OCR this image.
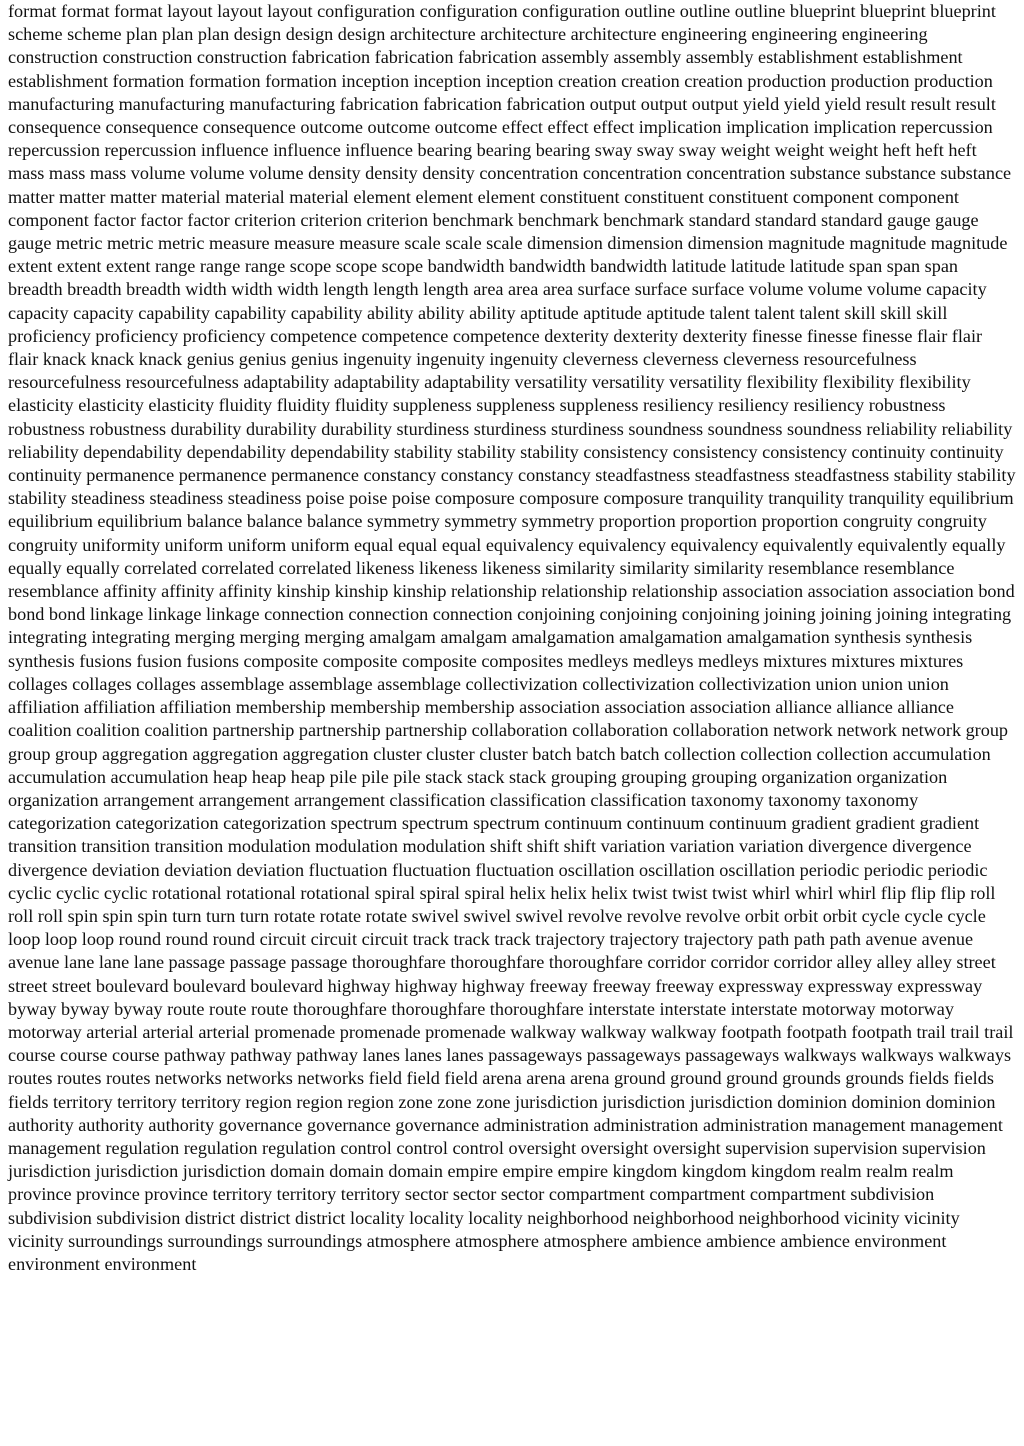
format format format layout layout layout configuration configuration configuration outline outline outline blueprint blueprint blueprint scheme scheme plan plan plan design design design architecture architecture architecture engineering engineering engineering construction construction construction fabrication fabrication fabrication assembly assembly assembly establishment establishment establishment formation formation formation inception inception inception creation creation creation production production production manufacturing manufacturing manufacturing fabrication fabrication fabrication output output output yield yield yield result result result consequence consequence consequence outcome outcome outcome effect effect effect implication implication implication repercussion repercussion repercussion influence influence influence bearing bearing bearing sway sway sway weight weight weight heft heft heft mass mass mass volume volume volume density density density concentration concentration concentration substance substance substance matter matter matter material material material element element element constituent constituent constituent component component component factor factor factor criterion criterion criterion benchmark benchmark benchmark standard standard standard gauge gauge gauge metric metric metric measure measure measure scale scale scale dimension dimension dimension magnitude magnitude magnitude extent extent extent range range range scope scope scope bandwidth bandwidth bandwidth latitude latitude latitude span span span breadth breadth breadth width width width length length length area area area surface surface surface volume volume volume capacity capacity capacity capability capability capability ability ability ability aptitude aptitude aptitude talent talent talent skill skill skill proficiency proficiency proficiency competence competence competence dexterity dexterity dexterity finesse finesse finesse flair flair flair knack knack knack genius genius genius ingenuity ingenuity ingenuity cleverness cleverness cleverness resourcefulness resourcefulness resourcefulness adaptability adaptability adaptability versatility versatility versatility flexibility flexibility flexibility elasticity elasticity elasticity fluidity fluidity fluidity suppleness suppleness suppleness resiliency resiliency resiliency robustness robustness robustness durability durability durability sturdiness sturdiness sturdiness soundness soundness soundness reliability reliability reliability dependability dependability dependability stability stability stability consistency consistency consistency continuity continuity continuity permanence permanence permanence constancy constancy constancy steadfastness steadfastness steadfastness stability stability stability steadiness steadiness steadiness poise poise poise composure composure composure tranquility tranquility tranquility equilibrium equilibrium equilibrium balance balance balance symmetry symmetry symmetry proportion proportion proportion congruity congruity congruity uniformity uniform uniform uniform equal equal equal equivalency equivalency equivalency equivalently equivalently equally equally equally correlated correlated correlated likeness likeness likeness similarity similarity similarity resemblance resemblance resemblance affinity affinity affinity kinship kinship kinship relationship relationship relationship association association association bond bond bond linkage linkage linkage connection connection connection conjoining conjoining conjoining joining joining joining integrating integrating integrating merging merging merging amalgam amalgam amalgamation amalgamation amalgamation synthesis synthesis synthesis fusions fusion fusions composite composite composite composites medleys medleys medleys mixtures mixtures mixtures collages collages collages assemblage assemblage assemblage collectivization collectivization collectivization union union union affiliation affiliation affiliation membership membership membership association association association alliance alliance alliance coalition coalition coalition partnership partnership partnership collaboration collaboration collaboration network network network group group group aggregation aggregation aggregation cluster cluster cluster batch batch batch collection collection collection accumulation accumulation accumulation heap heap heap pile pile pile stack stack stack grouping grouping grouping organization organization organization arrangement arrangement arrangement classification classification classification taxonomy taxonomy taxonomy categorization categorization categorization spectrum spectrum spectrum continuum continuum continuum gradient gradient gradient transition transition transition modulation modulation modulation shift shift shift variation variation variation divergence divergence divergence deviation deviation deviation fluctuation fluctuation fluctuation oscillation oscillation oscillation periodic periodic periodic cyclic cyclic cyclic rotational rotational rotational spiral spiral spiral helix helix helix twist twist twist whirl whirl whirl flip flip flip roll roll roll spin spin spin turn turn turn rotate rotate rotate swivel swivel swivel revolve revolve revolve orbit orbit orbit cycle cycle cycle loop loop loop round round round circuit circuit circuit track track track trajectory trajectory trajectory path path path avenue avenue avenue lane lane lane passage passage passage thoroughfare thoroughfare thoroughfare corridor corridor corridor alley alley alley street street street boulevard boulevard boulevard highway highway highway freeway freeway freeway expressway expressway expressway byway byway byway route route route thoroughfare thoroughfare thoroughfare interstate interstate interstate motorway motorway motorway arterial arterial arterial promenade promenade promenade walkway walkway walkway footpath footpath footpath trail trail trail course course course pathway pathway pathway lanes lanes lanes passageways passageways passageways walkways walkways walkways routes routes routes networks networks networks field field field arena arena arena ground ground ground grounds grounds fields fields fields territory territory territory region region region zone zone zone jurisdiction jurisdiction jurisdiction dominion dominion dominion authority authority authority governance governance governance administration administration administration management management management regulation regulation regulation control control control oversight oversight oversight supervision supervision supervision jurisdiction jurisdiction jurisdiction domain domain domain empire empire empire kingdom kingdom kingdom realm realm realm province province province territory territory territory sector sector sector compartment compartment compartment subdivision subdivision subdivision district district district locality locality locality neighborhood neighborhood neighborhood vicinity vicinity vicinity surroundings surroundings surroundings atmosphere atmosphere atmosphere ambience ambience ambience environment environment environment
